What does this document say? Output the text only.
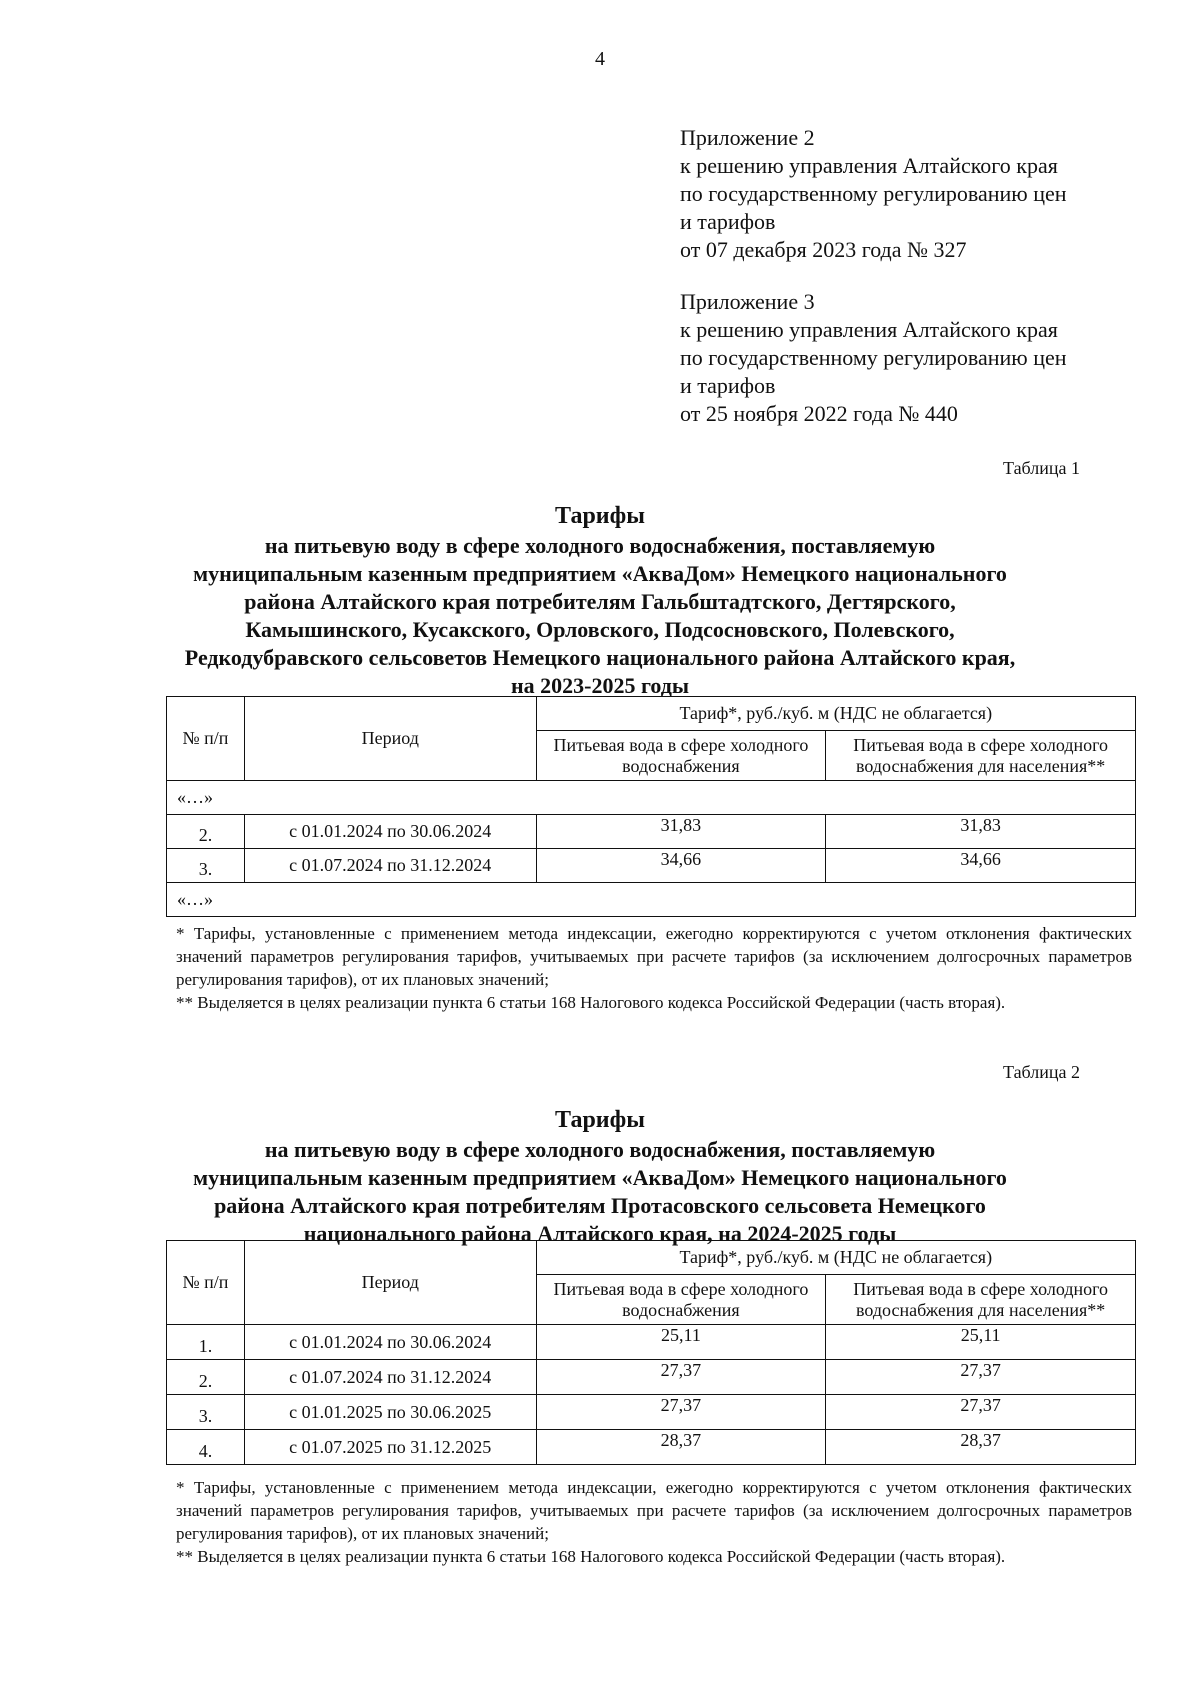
4
Приложение 2
к решению управления Алтайского края
по государственному регулированию цен
и тарифов
от 07 декабря 2023 года № 327
Приложение 3
к решению управления Алтайского края
по государственному регулированию цен
и тарифов
от 25 ноября 2022 года № 440
Таблица 1
Тарифы
на питьевую воду в сфере холодного водоснабжения, поставляемую
муниципальным казенным предприятием «АкваДом» Немецкого национального
района Алтайского края потребителям Гальбштадтского, Дегтярского,
Камышинского, Кусакского, Орловского, Подсосновского, Полевского,
Редкодубравского сельсоветов Немецкого национального района Алтайского края,
на 2023-2025 годы
№ п/п	Период	Тариф*, руб./куб. м (НДС не облагается)	
		Питьевая вода в сфере холодного водоснабжения	Питьевая вода в сфере холодного водоснабжения для населения**
«…»			
2.	с 01.01.2024 по 30.06.2024	31,83	31,83
3.	с 01.07.2024 по 31.12.2024	34,66	34,66
«…»			

* Тарифы, установленные с применением метода индексации, ежегодно корректируются с учетом отклонения фактических значений параметров регулирования тарифов, учитываемых при расчете тарифов (за исключением долгосрочных параметров регулирования тарифов), от их плановых значений;

** Выделяется в целях реализации пункта 6 статьи 168 Налогового кодекса Российской Федерации (часть вторая).

Таблица 2
Тарифы
на питьевую воду в сфере холодного водоснабжения, поставляемую
муниципальным казенным предприятием «АкваДом» Немецкого национального
района Алтайского края потребителям Протасовского сельсовета Немецкого
национального района Алтайского края, на 2024-2025 годы
№ п/п	Период	Тариф*, руб./куб. м (НДС не облагается)	
		Питьевая вода в сфере холодного водоснабжения	Питьевая вода в сфере холодного водоснабжения для населения**
1.	с 01.01.2024 по 30.06.2024	25,11	25,11
2.	с 01.07.2024 по 31.12.2024	27,37	27,37
3.	с 01.01.2025 по 30.06.2025	27,37	27,37
4.	с 01.07.2025 по 31.12.2025	28,37	28,37

* Тарифы, установленные с применением метода индексации, ежегодно корректируются с учетом отклонения фактических значений параметров регулирования тарифов, учитываемых при расчете тарифов (за исключением долгосрочных параметров регулирования тарифов), от их плановых значений;

** Выделяется в целях реализации пункта 6 статьи 168 Налогового кодекса Российской Федерации (часть вторая).
